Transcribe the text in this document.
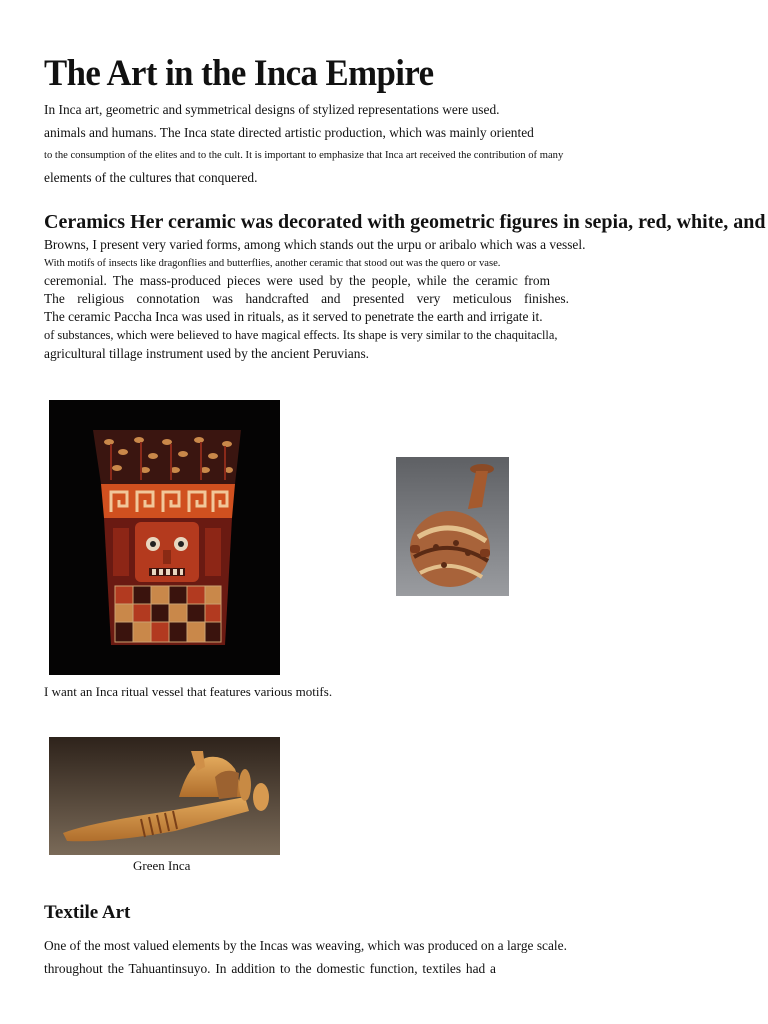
The Art in the Inca Empire

In Inca art, geometric and symmetrical designs of stylized representations were used.

animals and humans. The Inca state directed artistic production, which was mainly oriented

to the consumption of the elites and to the cult. It is important to emphasize that Inca art received the contribution of many

elements of the cultures that conquered.

Ceramics Her ceramic was decorated with geometric figures in sepia, red, white, and

Browns, I present very varied forms, among which stands out the urpu or aribalo which was a vessel.

With motifs of insects like dragonflies and butterflies, another ceramic that stood out was the quero or vase.

ceremonial. The mass-produced pieces were used by the people, while the ceramic from

The religious connotation was handcrafted and presented very meticulous finishes.

The ceramic Paccha Inca was used in rituals, as it served to penetrate the earth and irrigate it.

of substances, which were believed to have magical effects. Its shape is very similar to the chaquitaclla,

agricultural tillage instrument used by the ancient Peruvians.

I want an Inca ritual vessel that features various motifs.

Green Inca

Textile Art

One of the most valued elements by the Incas was weaving, which was produced on a large scale.

throughout the Tahuantinsuyo. In addition to the domestic function, textiles had a
